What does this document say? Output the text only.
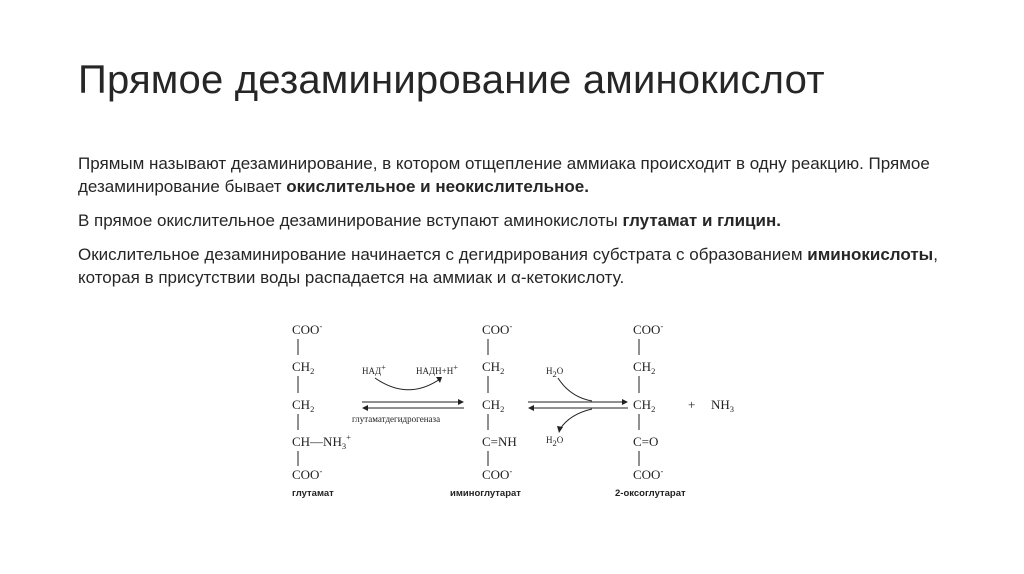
Прямое дезаминирование аминокислот

Прямым называют дезаминирование, в котором отщепление аммиака происходит в одну реакцию. Прямое дезаминирование бывает окислительное и неокислительное.

В прямое окислительное дезаминирование вступают аминокислоты глутамат и глицин.

Окислительное дезаминирование начинается с дегидрирования субстрата с образованием иминокислоты, которая в присутствии воды распадается на аммиак и α-кетокислоту.

COO-
$CH_2$
$CH_2$
$CH—NH_3^+$
COO-
глутамат
НАД+	НАДН+Н+
глутаматдегидрогеназа
COO-
$CH_2$
$CH_2$
C=NH
COO-
иминоглутарат
H2O
H2O
COO-
$CH_2$
$CH_2$
C=O
COO-
2-оксоглутарат
+ $NH_3$
